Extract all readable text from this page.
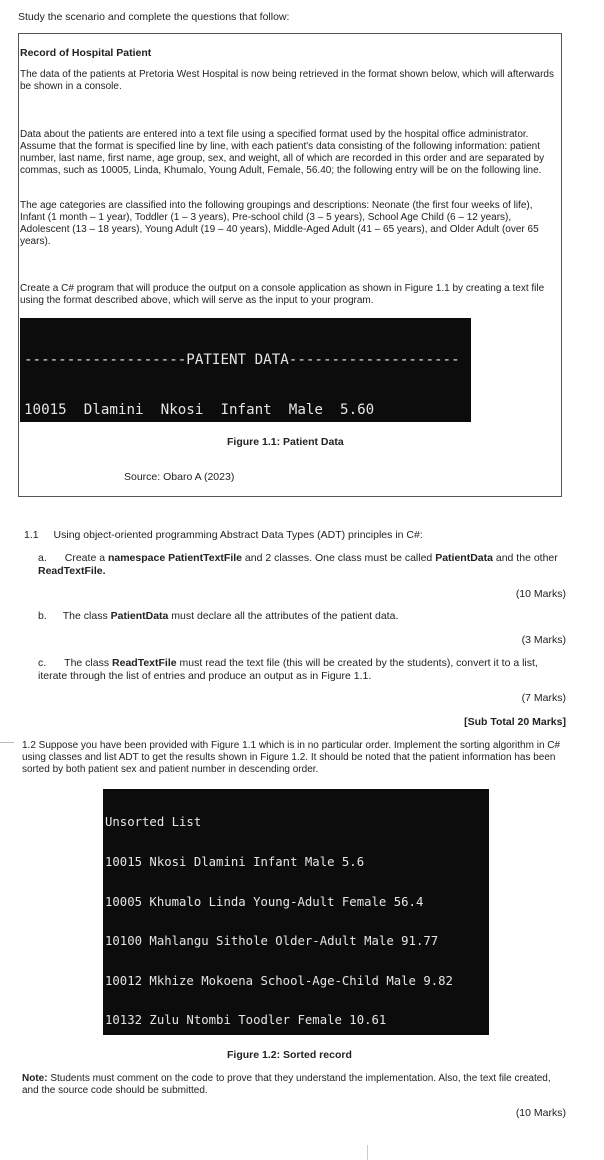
Study the scenario and complete the questions that follow:
Record of Hospital Patient
The data of the patients at Pretoria West Hospital is now being retrieved in the format shown below, which will afterwards be shown in a console.
Data about the patients are entered into a text file using a specified format used by the hospital office administrator. Assume that the format is specified line by line, with each patient's data consisting of the following information: patient number, last name, first name, age group, sex, and weight, all of which are recorded in this order and are separated by commas, such as 10005, Linda, Khumalo, Young Adult, Female, 56.40; the following entry will be on the following line.
The age categories are classified into the following groupings and descriptions: Neonate (the first four weeks of life), Infant (1 month – 1 year), Toddler (1 – 3 years), Pre-school child (3 – 5 years), School Age Child (6 – 12 years), Adolescent (13 – 18 years), Young Adult (19 – 40 years), Middle-Aged Adult (41 – 65 years), and Older Adult (over 65 years).
Create a C# program that will produce the output on a console application as shown in Figure 1.1 by creating a text file using the format described above, which will serve as the input to your program.

-------------------PATIENT DATA--------------------

10015  Dlamini  Nkosi  Infant  Male  5.60

Figure 1.1: Patient Data
Source: Obaro A (2023)
1.1 Using object-oriented programming Abstract Data Types (ADT) principles in C#:
a. Create a namespace PatientTextFile and 2 classes. One class must be called PatientData and the other ReadTextFile.
(10 Marks)
b. The class PatientData must declare all the attributes of the patient data.
(3 Marks)
c. The class ReadTextFile must read the text file (this will be created by the students), convert it to a list, iterate through the list of entries and produce an output as in Figure 1.1.
(7 Marks)
[Sub Total 20 Marks]
1.2 Suppose you have been provided with Figure 1.1 which is in no particular order. Implement the sorting algorithm in C# using classes and list ADT to get the results shown in Figure 1.2. It should be noted that the patient information has been sorted by both patient sex and patient number in descending order.

Unsorted List

10015 Nkosi Dlamini Infant Male 5.6

10005 Khumalo Linda Young-Adult Female 56.4

10100 Mahlangu Sithole Older-Adult Male 91.77

10012 Mkhize Mokoena School-Age-Child Male 9.82

10132 Zulu Ntombi Toodler Female 10.61

Figure 1.2: Sorted record
Note: Students must comment on the code to prove that they understand the implementation. Also, the text file created, and the source code should be submitted.
(10 Marks)
